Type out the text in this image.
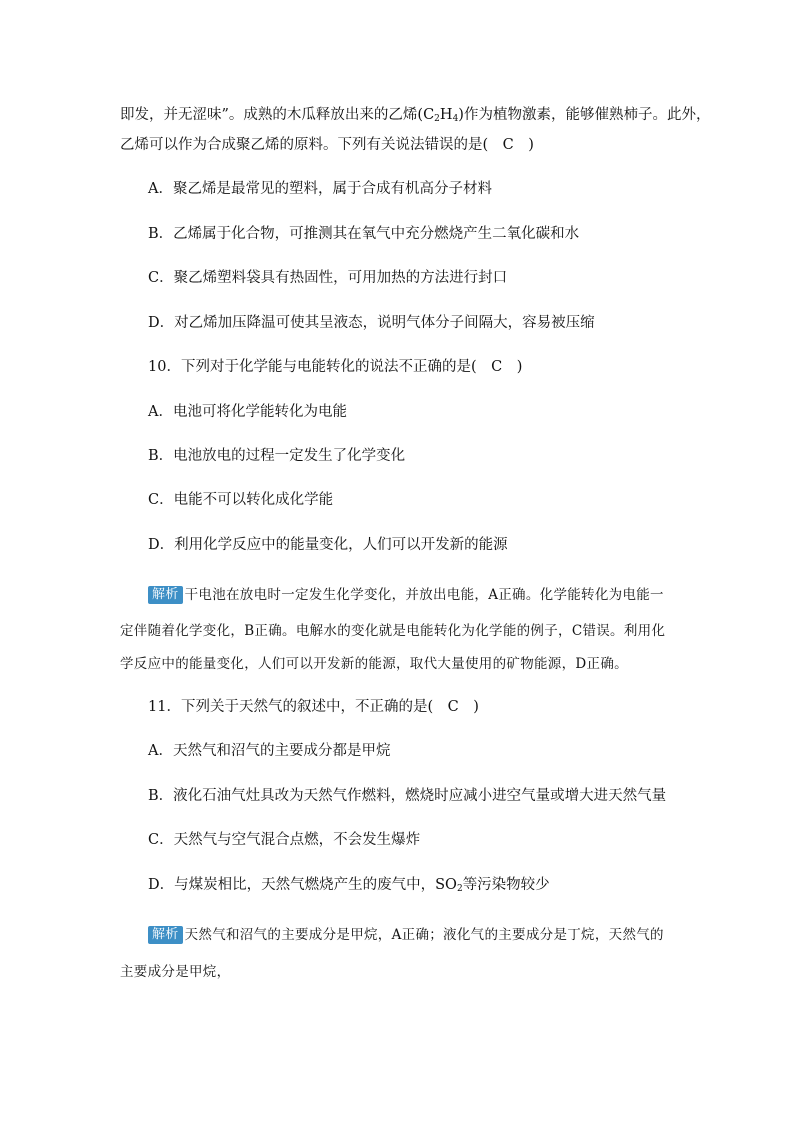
即发，并无涩味”。成熟的木瓜释放出来的乙烯$(C_2H_4)$作为植物激素，能够催熟柿子。此外，
乙烯可以作为合成聚乙烯的原料。下列有关说法错误的是(　C　)
A．聚乙烯是最常见的塑料，属于合成有机高分子材料
B．乙烯属于化合物，可推测其在氧气中充分燃烧产生二氧化碳和水
C．聚乙烯塑料袋具有热固性，可用加热的方法进行封口
D．对乙烯加压降温可使其呈液态，说明气体分子间隔大，容易被压缩
10．下列对于化学能与电能转化的说法不正确的是(　C　)
A．电池可将化学能转化为电能
B．电池放电的过程一定发生了化学变化
C．电能不可以转化成化学能
D．利用化学反应中的能量变化，人们可以开发新的能源
解析 干电池在放电时一定发生化学变化，并放出电能，A正确。化学能转化为电能一
定伴随着化学变化，B正确。电解水的变化就是电能转化为化学能的例子，C错误。利用化
学反应中的能量变化，人们可以开发新的能源，取代大量使用的矿物能源，D正确。
11．下列关于天然气的叙述中，不正确的是(　C　)
A．天然气和沼气的主要成分都是甲烷
B．液化石油气灶具改为天然气作燃料，燃烧时应减小进空气量或增大进天然气量
C．天然气与空气混合点燃，不会发生爆炸
D．与煤炭相比，天然气燃烧产生的废气中，$SO_2$等污染物较少
解析 天然气和沼气的主要成分是甲烷，A正确；液化气的主要成分是丁烷，天然气的
主要成分是甲烷，
